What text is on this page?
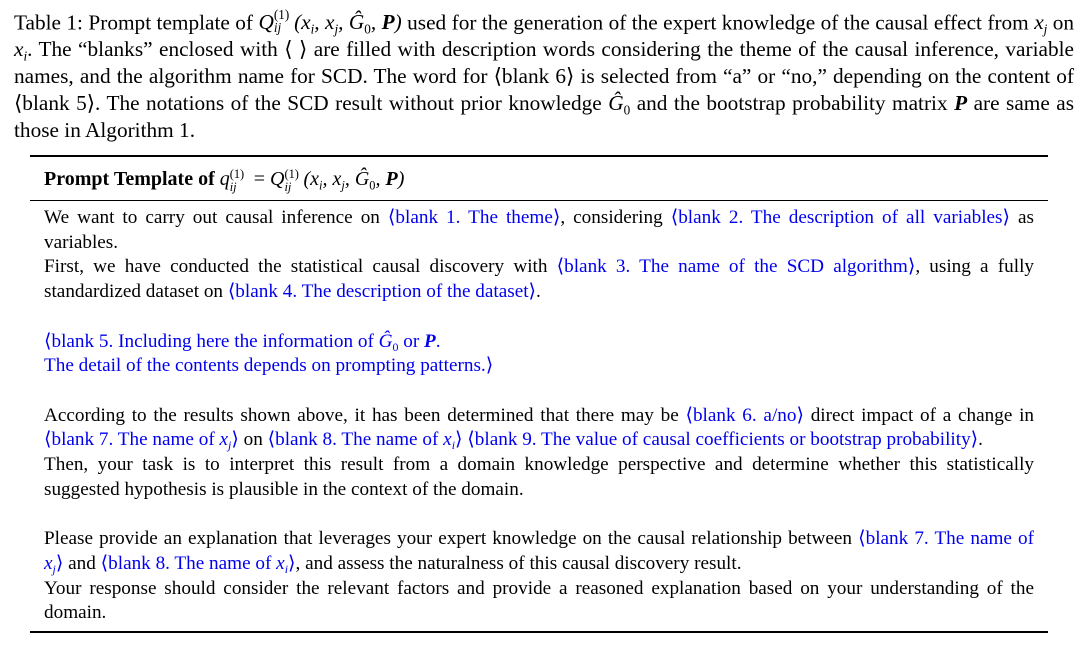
Table 1: Prompt template of Q (1)
ij ($x_i$, $x_j$, $Ĝ_0$, P) used for the generation of the expert knowledge of the causal effect from $x_j$ on $x_i$. The “blanks” enclosed with ⟨ ⟩ are filled with description words considering the theme of the causal inference, variable names, and the algorithm name for SCD. The word for ⟨blank 6⟩ is selected from “a” or “no,” depending on the content of ⟨blank 5⟩. The notations of the SCD result without prior knowledge $Ĝ_0$ and the bootstrap probability matrix P are same as those in Algorithm 1.
Prompt Template of q (1)
ij = Q (1)
ij ($x_i$, $x_j$, $Ĝ_0$, P)
We want to carry out causal inference on ⟨blank 1. The theme⟩, considering ⟨blank 2. The description of all variables⟩ as variables.
First, we have conducted the statistical causal discovery with ⟨blank 3. The name of the SCD algorithm⟩, using a fully standardized dataset on ⟨blank 4. The description of the dataset⟩.
⟨blank 5. Including here the information of $Ĝ_0$ or P.
The detail of the contents depends on prompting patterns.⟩
According to the results shown above, it has been determined that there may be ⟨blank 6. a/no⟩ direct impact of a change in ⟨blank 7. The name of $x_j⟩$ on ⟨blank 8. The name of $x_i⟩$ ⟨blank 9. The value of causal coefficients or bootstrap probability⟩.
Then, your task is to interpret this result from a domain knowledge perspective and determine whether this statistically suggested hypothesis is plausible in the context of the domain.
Please provide an explanation that leverages your expert knowledge on the causal relationship between ⟨blank 7. The name of $x_j⟩$ and ⟨blank 8. The name of $x_i⟩$, and assess the naturalness of this causal discovery result.
Your response should consider the relevant factors and provide a reasoned explanation based on your understanding of the domain.
